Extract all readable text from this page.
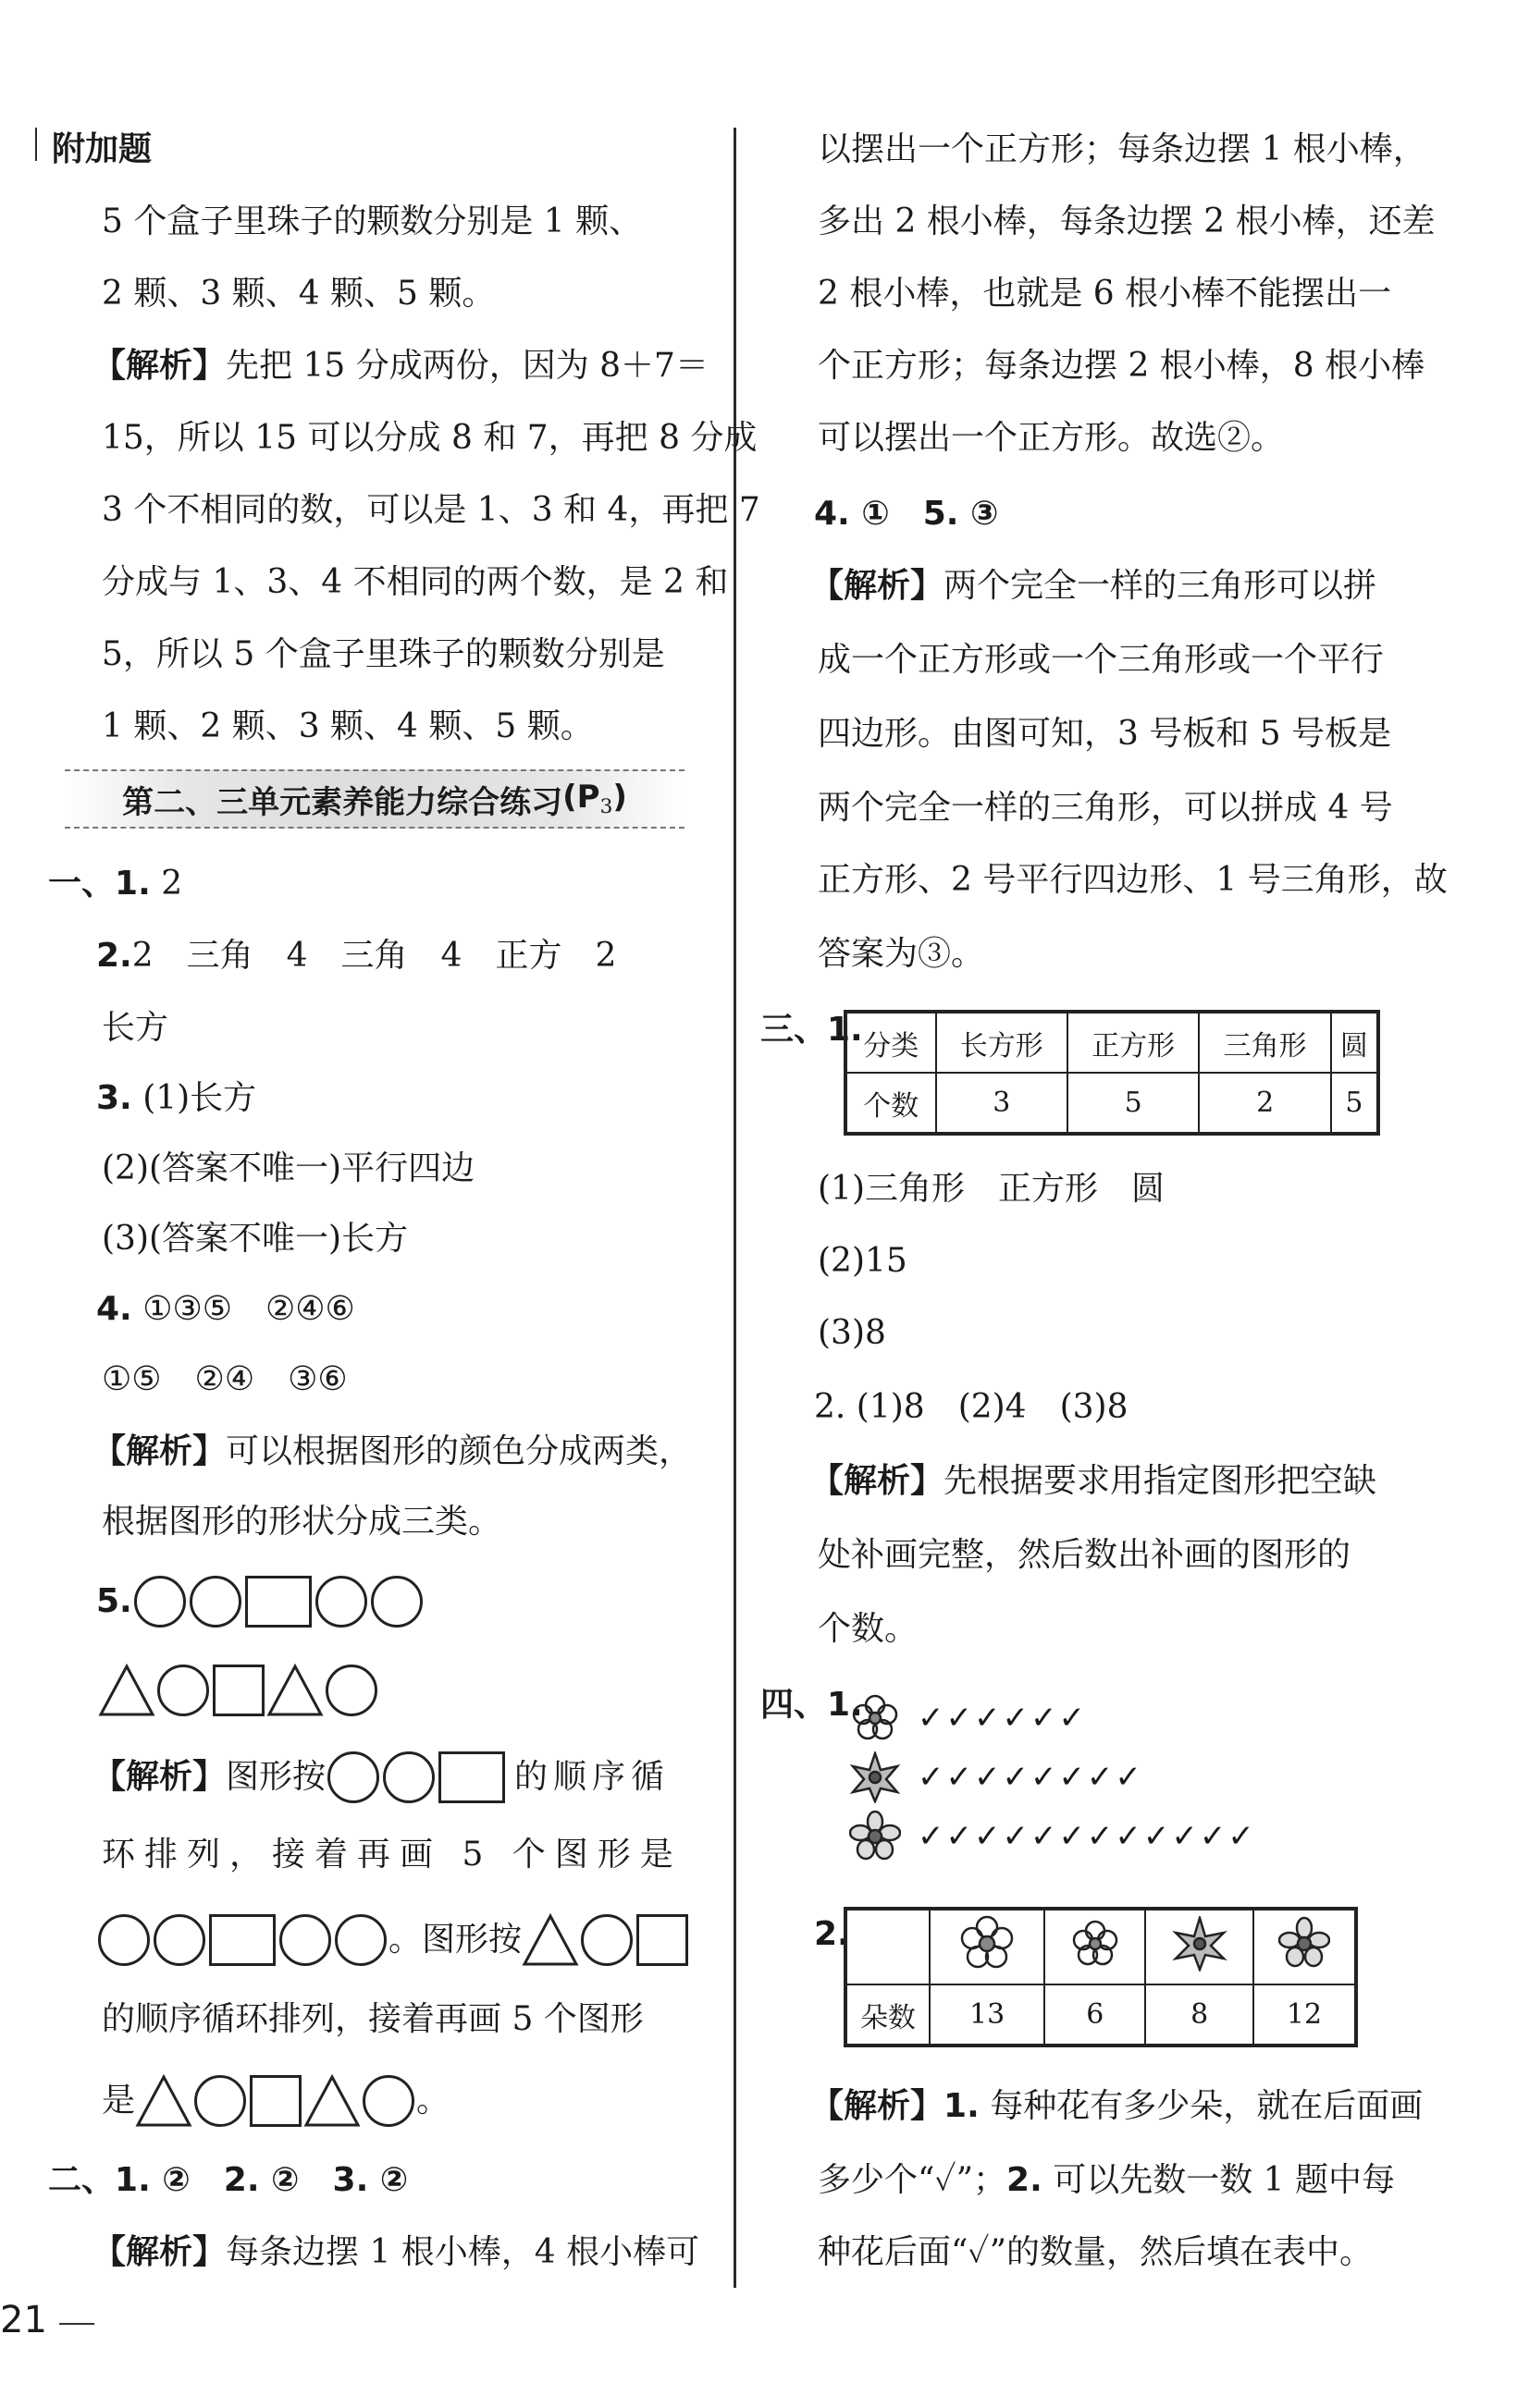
附加题
5 个盒子里珠子的颗数分别是 1 颗、
2 颗、3 颗、4 颗、5 颗。
【解析】先把 15 分成两份，因为 8＋7＝
15，所以 15 可以分成 8 和 7，再把 8 分成
3 个不相同的数，可以是 1、3 和 4，再把 7
分成与 1、3、4 不相同的两个数，是 2 和
5，所以 5 个盒子里珠子的颗数分别是
1 颗、2 颗、3 颗、4 颗、5 颗。
第二、三单元素养能力综合练习 $(P_3)$
一、1. 2
2.2　三角　4　三角　4　正方　2
长方
3. (1)长方
(2)(答案不唯一)平行四边
(3)(答案不唯一)长方
4. ①③⑤　②④⑥
①⑤　②④　③⑥
【解析】可以根据图形的颜色分成两类，
根据图形的形状分成三类。
5.
【解析】 图形按	的顺序循
环排列，接着再画 5 个图形是
。图形按
的顺序循环排列，接着再画 5 个图形
是	。
二、1. ②　 2. ②　 3. ②
【解析】每条边摆 1 根小棒，4 根小棒可
以摆出一个正方形；每条边摆 1 根小棒，
多出 2 根小棒，每条边摆 2 根小棒，还差
2 根小棒，也就是 6 根小棒不能摆出一
个正方形；每条边摆 2 根小棒，8 根小棒
可以摆出一个正方形。故选②。
4. ①　5. ③
【解析】两个完全一样的三角形可以拼
成一个正方形或一个三角形或一个平行
四边形。由图可知，3 号板和 5 号板是
两个完全一样的三角形，可以拼成 4 号
正方形、2 号平行四边形、1 号三角形，故
答案为③。
三、1. 分类	长方形	正方形	三角形	圆
个数	3	5	2	5
(1)三角形　正方形　圆
(2)15
(3)8
2. (1)8　(2)4　(3)8
【解析】先根据要求用指定图形把空缺
处补画完整，然后数出补画的图形的
个数。
四、1. ✓✓✓✓✓✓
✓✓✓✓✓✓✓✓
✓✓✓✓✓✓✓✓✓✓✓✓
2.

朵数	13	6	8	12
【解析】1. 每种花有多少朵，就在后面画
多少个“✓”；2. 可以先数一数 1 题中每
种花后面“✓”的数量，然后填在表中。
21
